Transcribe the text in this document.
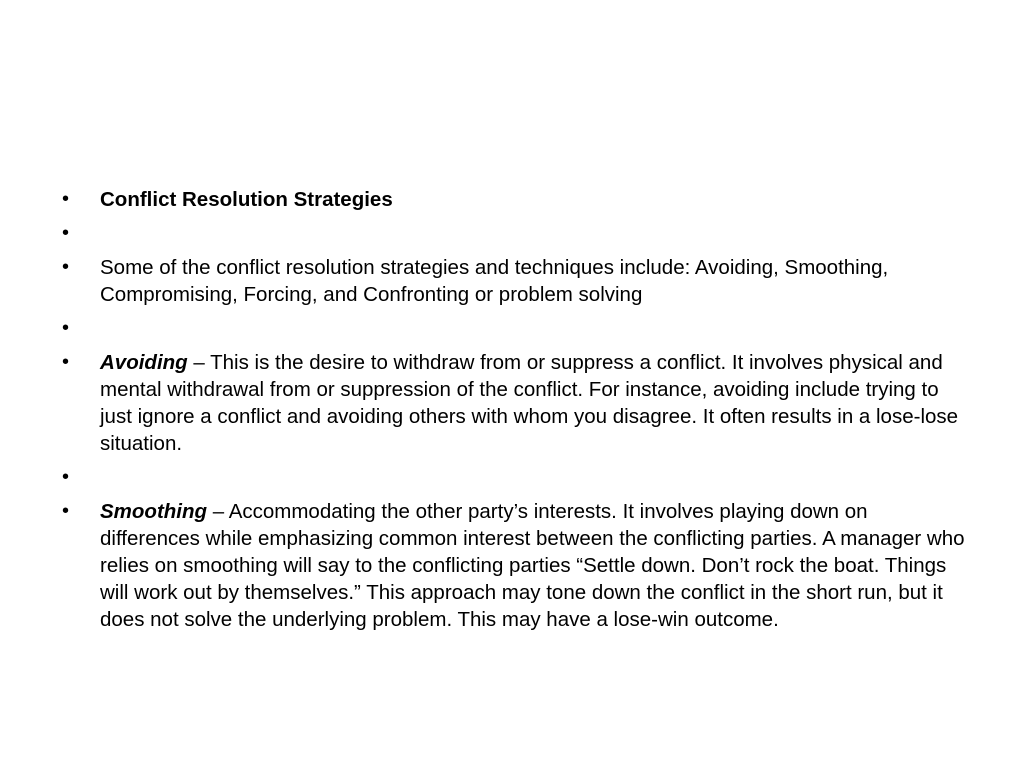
• Conflict Resolution Strategies
•
• Some of the conflict resolution strategies and techniques include: Avoiding, Smoothing, Compromising, Forcing, and Confronting or problem solving
•
• Avoiding – This is the desire to withdraw from or suppress a conflict. It involves physical and mental withdrawal from or suppression of the conflict. For instance, avoiding include trying to just ignore a conflict and avoiding others with whom you disagree. It often results in a lose-lose situation.
•
• Smoothing – Accommodating the other party’s interests. It involves playing down on differences while emphasizing common interest between the conflicting parties. A manager who relies on smoothing will say to the conflicting parties “Settle down. Don’t rock the boat. Things will work out by themselves.” This approach may tone down the conflict in the short run, but it does not solve the underlying problem. This may have a lose-win outcome.
